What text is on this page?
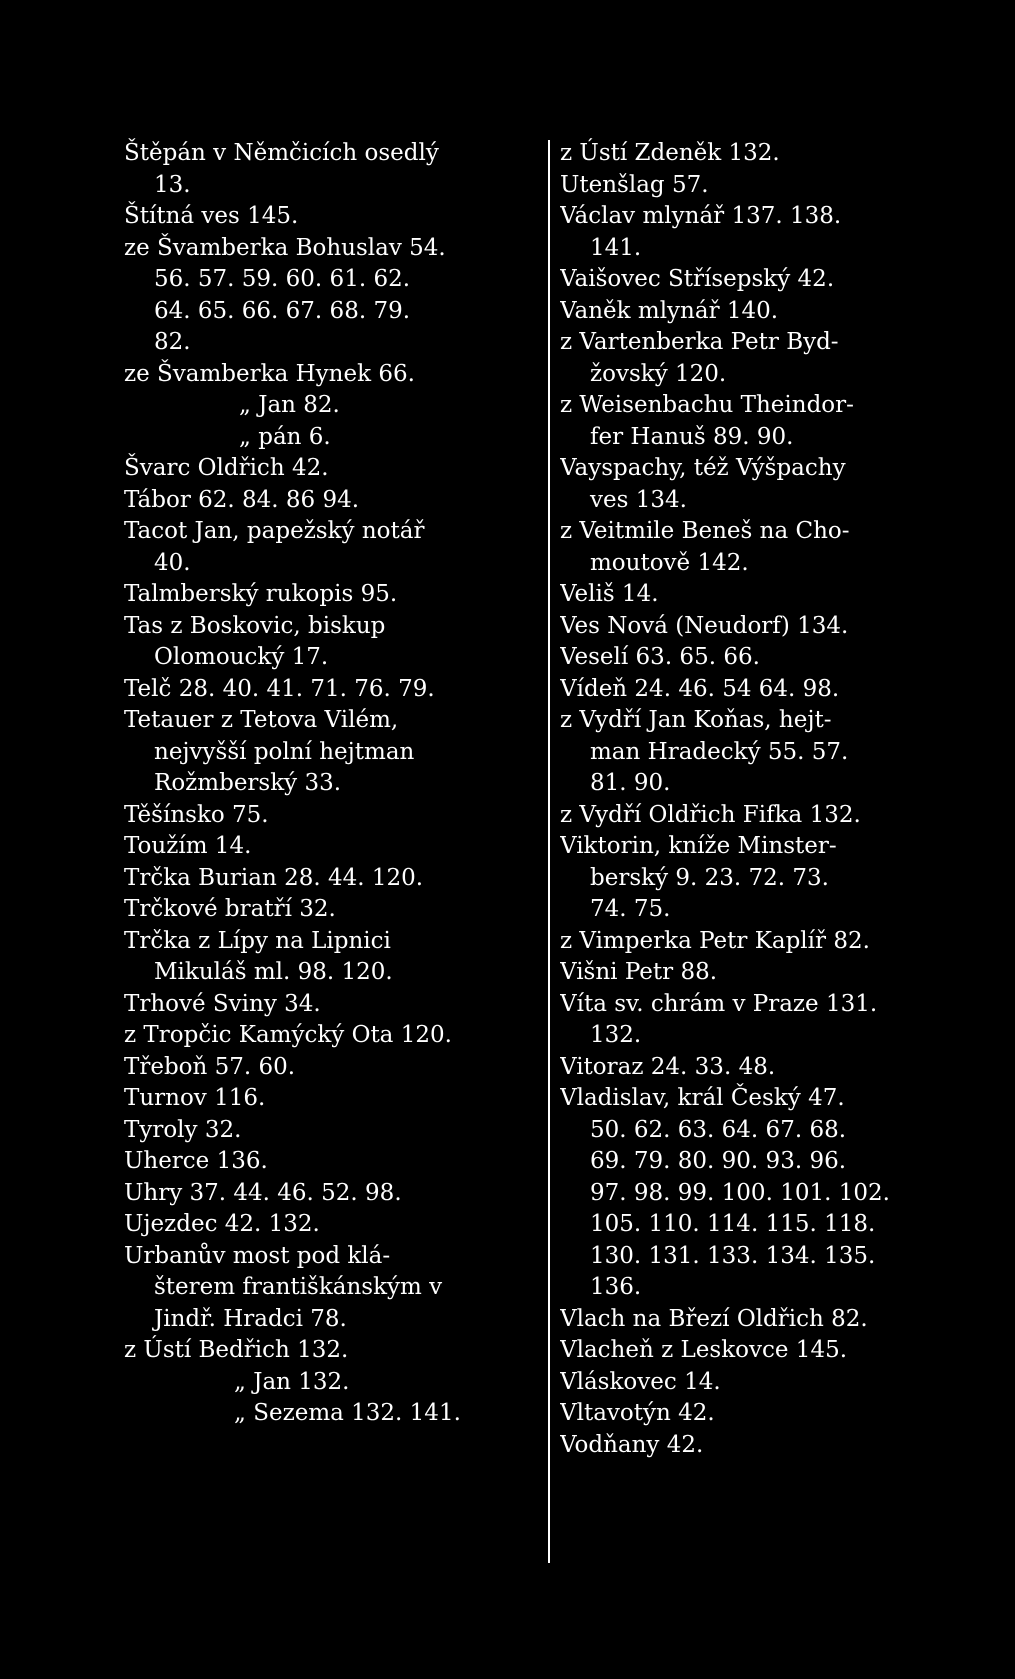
Štěpán v Němčicích osedlý
13.
Štítná ves 145.
ze Švamberka Bohuslav 54.
56. 57. 59. 60. 61. 62.
64. 65. 66. 67. 68. 79.
82.
ze Švamberka Hynek 66.
„ Jan 82.
„ pán 6.
Švarc Oldřich 42.
Tábor 62. 84. 86 94.
Tacot Jan, papežský notář
40.
Talmberský rukopis 95.
Tas z Boskovic, biskup
Olomoucký 17.
Telč 28. 40. 41. 71. 76. 79.
Tetauer z Tetova Vilém,
nejvyšší polní hejtman
Rožmberský 33.
Těšínsko 75.
Toužím 14.
Trčka Burian 28. 44. 120.
Trčkové bratří 32.
Trčka z Lípy na Lipnici
Mikuláš ml. 98. 120.
Trhové Sviny 34.
z Tropčic Kamýcký Ota 120.
Třeboň 57. 60.
Turnov 116.
Tyroly 32.
Uherce 136.
Uhry 37. 44. 46. 52. 98.
Ujezdec 42. 132.
Urbanův most pod klá-
šterem františkánským v
Jindř. Hradci 78.
z Ústí Bedřich 132.
„ Jan 132.
„ Sezema 132. 141.
z Ústí Zdeněk 132.
Utenšlag 57.
Václav mlynář 137. 138.
141.
Vaišovec Střísepský 42.
Vaněk mlynář 140.
z Vartenberka Petr Byd-
žovský 120.
z Weisenbachu Theindor-
fer Hanuš 89. 90.
Vayspachy, též Výšpachy
ves 134.
z Veitmile Beneš na Cho-
moutově 142.
Veliš 14.
Ves Nová (Neudorf) 134.
Veselí 63. 65. 66.
Vídeň 24. 46. 54 64. 98.
z Vydří Jan Koňas, hejt-
man Hradecký 55. 57.
81. 90.
z Vydří Oldřich Fifka 132.
Viktorin, kníže Minster-
berský 9. 23. 72. 73.
74. 75.
z Vimperka Petr Kaplíř 82.
Višni Petr 88.
Víta sv. chrám v Praze 131.
132.
Vitoraz 24. 33. 48.
Vladislav, král Český 47.
50. 62. 63. 64. 67. 68.
69. 79. 80. 90. 93. 96.
97. 98. 99. 100. 101. 102.
105. 110. 114. 115. 118.
130. 131. 133. 134. 135.
136.
Vlach na Březí Oldřich 82.
Vlacheň z Leskovce 145.
Vláskovec 14.
Vltavotýn 42.
Vodňany 42.
